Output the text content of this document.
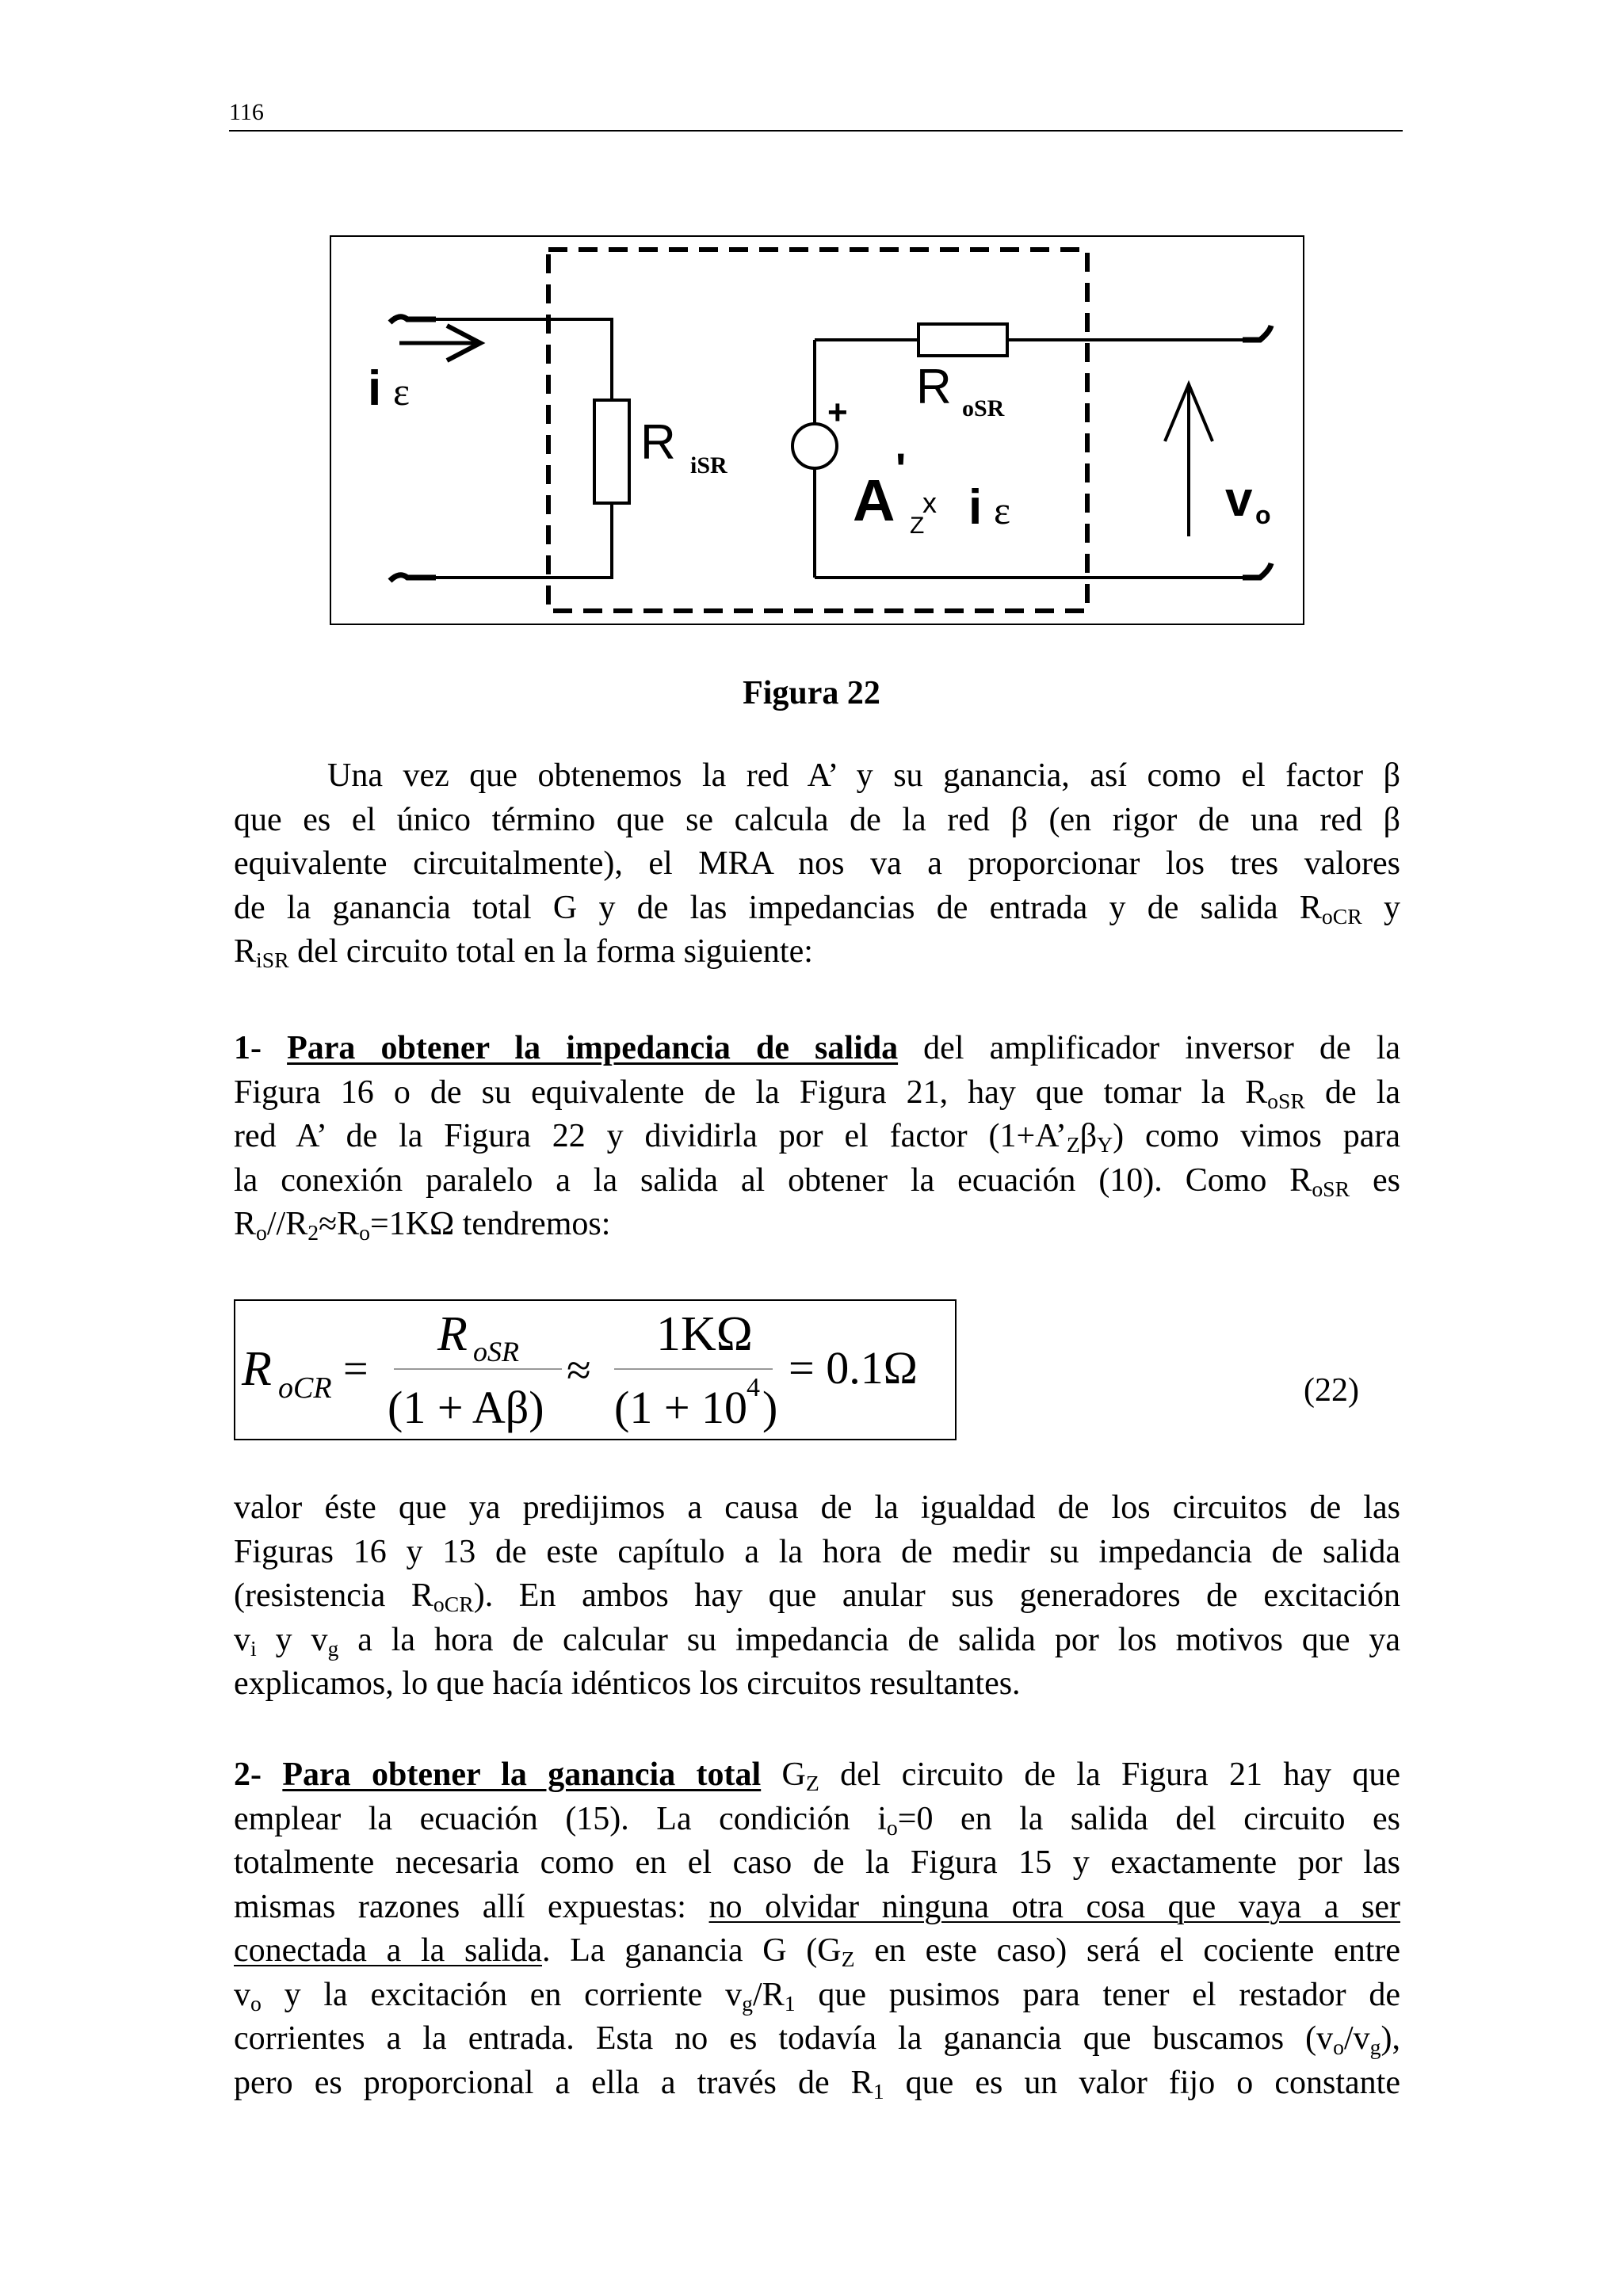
116
i ε
R iSR
R oSR
+
A '
Z
x i ε	v o
Figura 22
Una vez que obtenemos la red A’ y su ganancia, así como el factor β
que es el único término que se calcula de la red β (en rigor de una red β
equivalente circuitalmente), el MRA nos va a proporcionar los tres valores
de la ganancia total G y de las impedancias de entrada y de salida $R_{oCR}$ y
$R_{iSR}$ del circuito total en la forma siguiente:
1- Para obtener la impedancia de salida del amplificador inversor de la
Figura 16 o de su equivalente de la Figura 21, hay que tomar la $R_{oSR}$ de la
red A’ de la Figura 22 y dividirla por el factor $(1+A’_Z\beta_Y)$ como vimos para
la conexión paralelo a la salida al obtener la ecuación (10). Como $R_{oSR}$ es
$R_o//R_2\approx R_o=1K\Omega$ tendremos:
R oCR =
R oSR
(1 + Aβ)
≈
1KΩ
(1 + 10
4 )
= 0.1Ω	(22)
valor éste que ya predijimos a causa de la igualdad de los circuitos de las
Figuras 16 y 13 de este capítulo a la hora de medir su impedancia de salida
(resistencia $R_{oCR}$). En ambos hay que anular sus generadores de excitación
$v_i$ y $v_g$ a la hora de calcular su impedancia de salida por los motivos que ya
explicamos, lo que hacía idénticos los circuitos resultantes.
2- Para obtener la ganancia total $G_Z$ del circuito de la Figura 21 hay que
emplear la ecuación (15). La condición $i_o=0$ en la salida del circuito es
totalmente necesaria como en el caso de la Figura 15 y exactamente por las
mismas razones allí expuestas: no olvidar ninguna otra cosa que vaya a ser
conectada a la salida. La ganancia G ($G_Z$ en este caso) será el cociente entre
$v_o$ y la excitación en corriente $v_g/R_1$ que pusimos para tener el restador de
corrientes a la entrada. Esta no es todavía la ganancia que buscamos $(v_o/v_g)$,
pero es proporcional a ella a través de $R_1$ que es un valor fijo o constante
